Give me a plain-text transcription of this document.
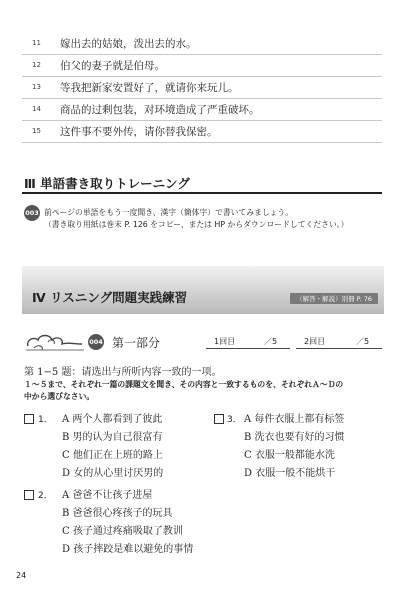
11 嫁出去的姑娘，泼出去的水。
12 伯父的妻子就是伯母。
13 等我把新家安置好了，就请你来玩儿。
14 商品的过剩包装，对环境造成了严重破坏。
15 这件事不要外传，请你替我保密。
Ⅲ 単語書き取りトレーニング
003 前ページの単語をもう一度聞き、漢字（簡体字）で書いてみましょう。
（書き取り用紙は巻末 P. 126 をコピー、または HP からダウンロードしてください。）
Ⅳ リスニング問題実践練習	（解答・解説）別冊 P. 76
004 第一部分	1回目	／5	2回目	／5
第 1−5 题：请选出与所听内容一致的一项。
１〜５まで、それぞれ一篇の課題文を聞き、その内容と一致するものを、それぞれＡ〜Ｄの
中から選びなさい。
1． A 两个人都看到了彼此
B 男的认为自己很富有
C 他们正在上班的路上
D 女的从心里讨厌男的
3． A 每件衣服上都有标签
B 洗衣也要有好的习惯
C 衣服一般都能水洗
D 衣服一般不能烘干
2． A 爸爸不让孩子进屋
B 爸爸很心疼孩子的玩具
C 孩子通过疼痛吸取了教训
D 孩子摔跤是难以避免的事情
24
